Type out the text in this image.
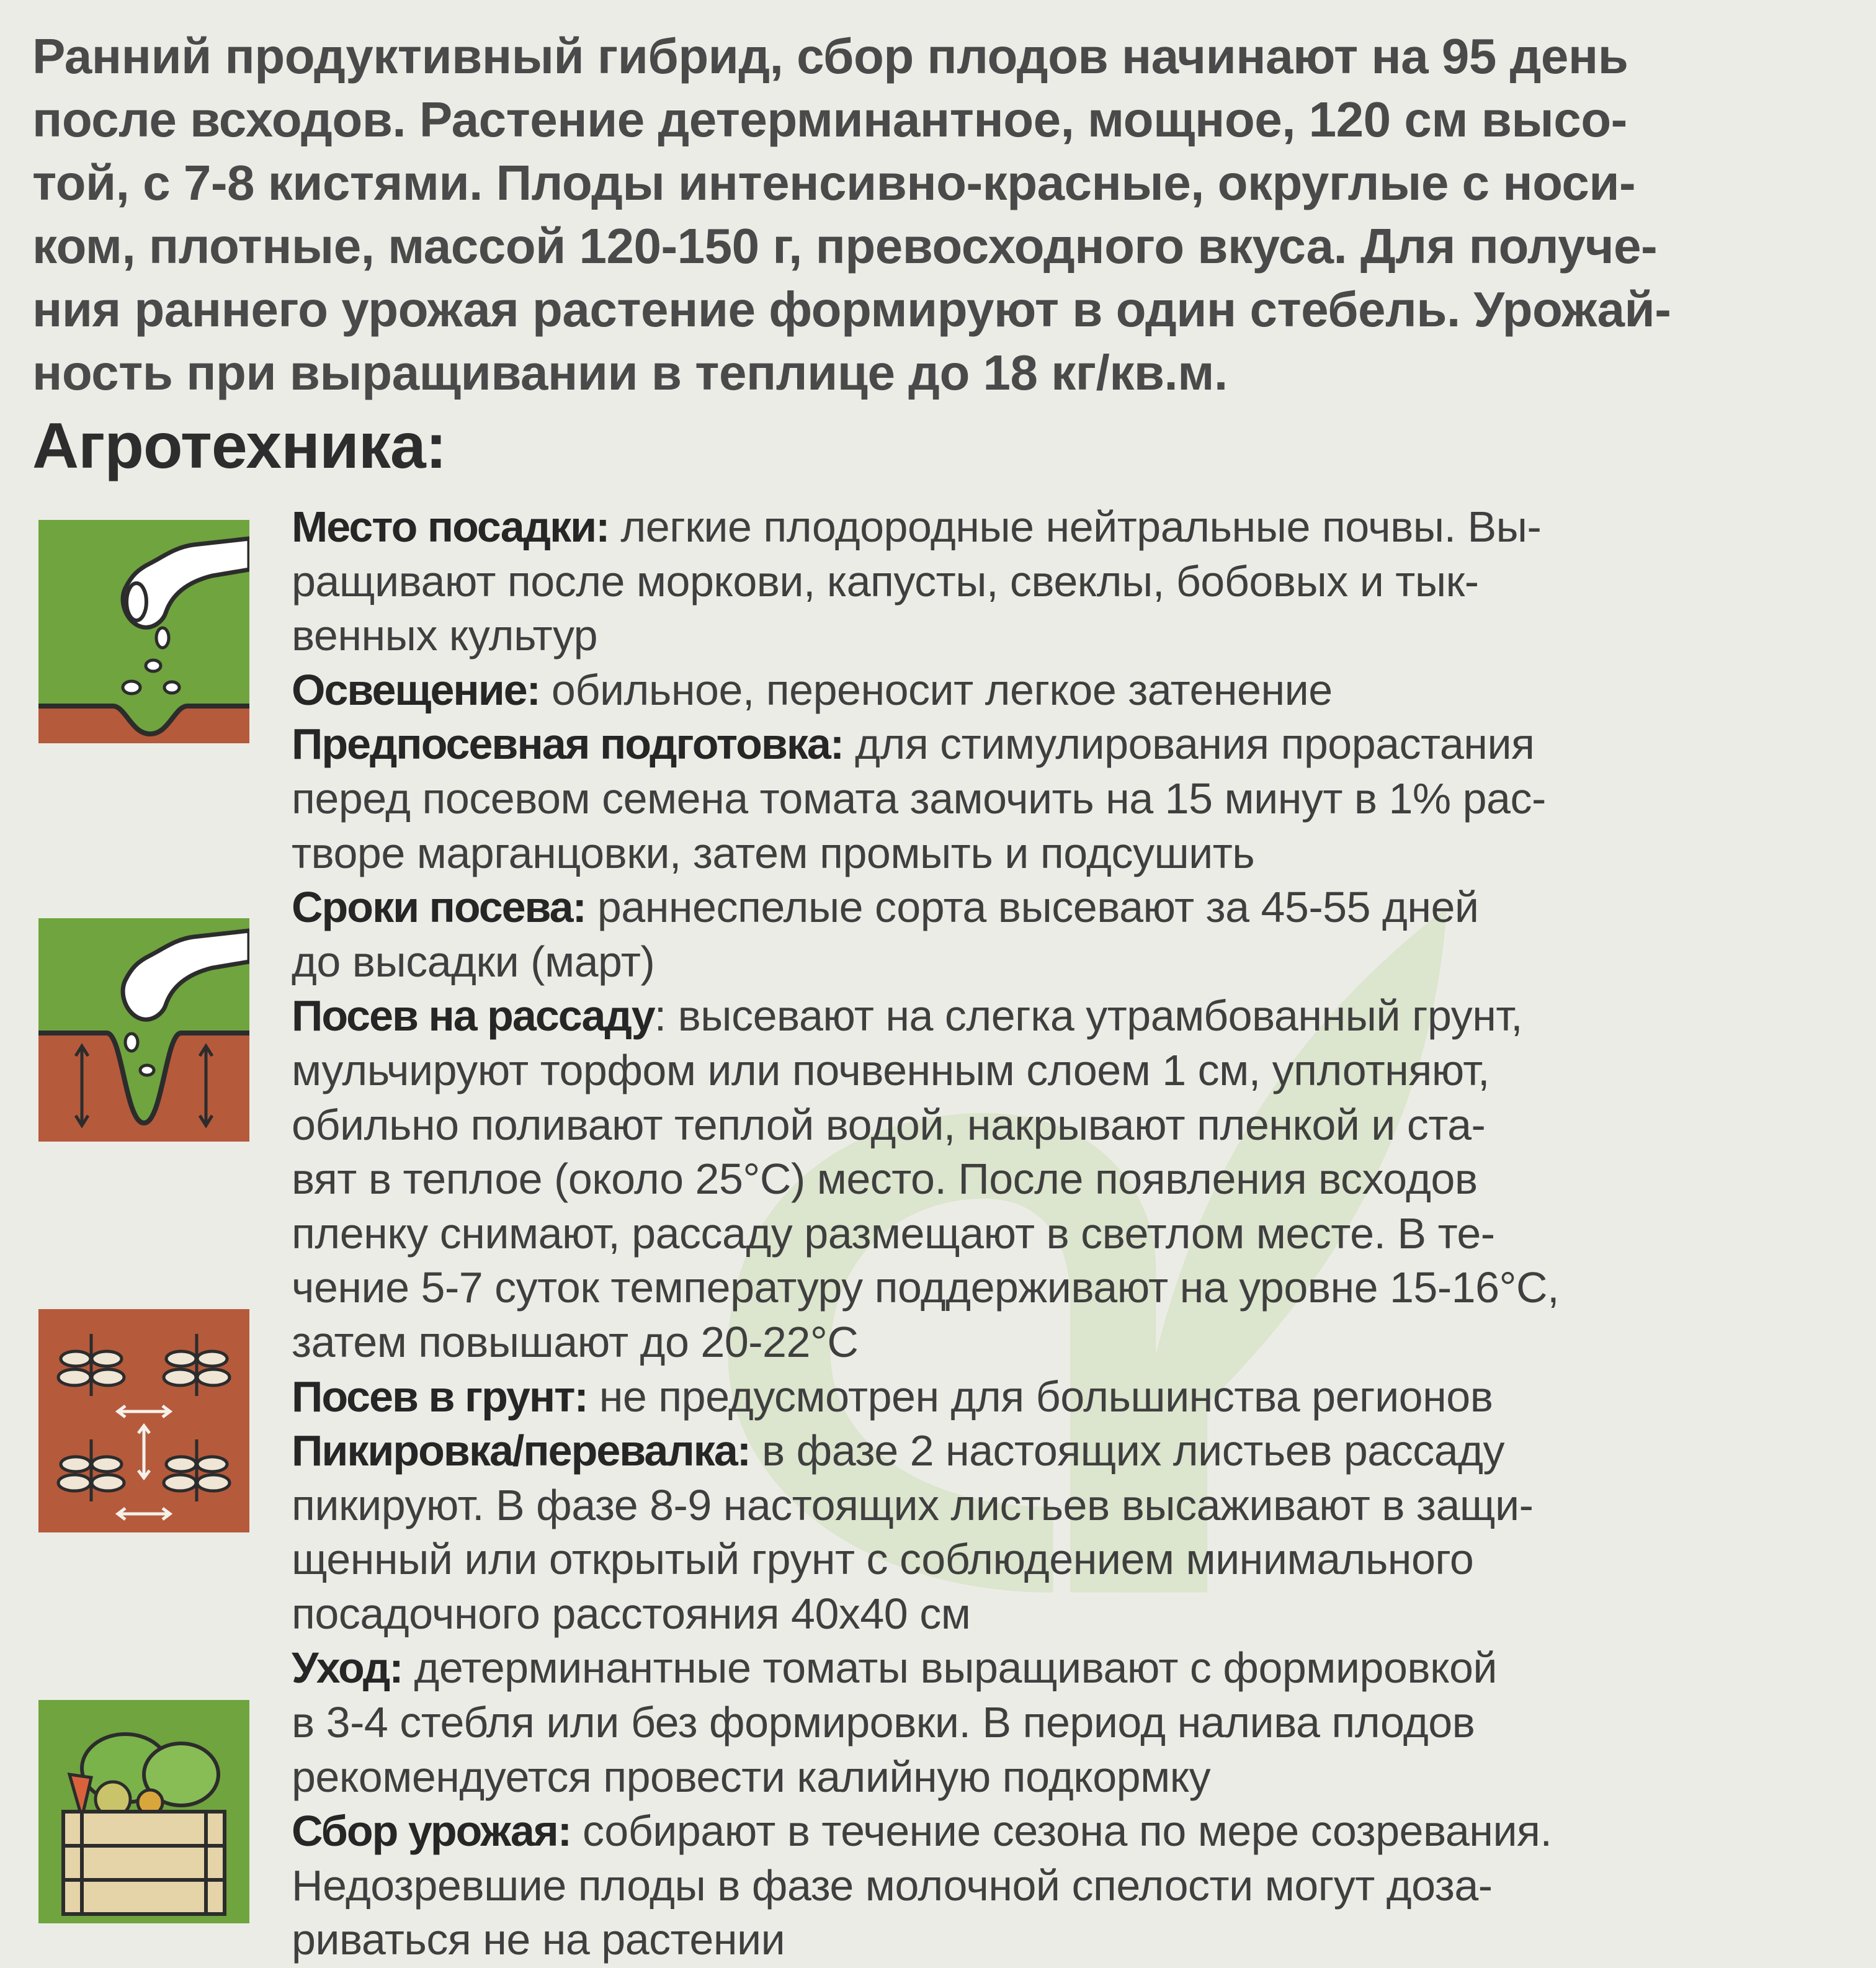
Ранний продуктивный гибрид, сбор плодов начинают на 95 день
после всходов. Растение детерминантное, мощное, 120 см высо-
той, с 7-8 кистями. Плоды интенсивно-красные, округлые с носи-
ком, плотные, массой 120-150 г, превосходного вкуса. Для получе-
ния раннего урожая растение формируют в один стебель. Урожай-
ность при выращивании в теплице до 18 кг/кв.м.
Агротехника:
Место посадки: легкие плодородные нейтральные почвы. Вы-
ращивают после моркови, капусты, свеклы, бобовых и тык-
венных культур
Освещение: обильное, переносит легкое затенение
Предпосевная подготовка: для стимулирования прорастания
перед посевом семена томата замочить на 15 минут в 1% рас-
творе марганцовки, затем промыть и подсушить
Сроки посева: раннеспелые сорта высевают за 45-55 дней
до высадки (март)
Посев на рассаду: высевают на слегка утрамбованный грунт,
мульчируют торфом или почвенным слоем 1 см, уплотняют,
обильно поливают теплой водой, накрывают пленкой и ста-
вят в теплое (около 25°С) место. После появления всходов
пленку снимают, рассаду размещают в светлом месте. В те-
чение 5-7 суток температуру поддерживают на уровне 15-16°С,
затем повышают до 20-22°С
Посев в грунт: не предусмотрен для большинства регионов
Пикировка/перевалка: в фазе 2 настоящих листьев рассаду
пикируют. В фазе 8-9 настоящих листьев высаживают в защи-
щенный или открытый грунт с соблюдением минимального
посадочного расстояния 40х40 см
Уход: детерминантные томаты выращивают с формировкой
в 3-4 стебля или без формировки. В период налива плодов
рекомендуется провести калийную подкормку
Сбор урожая: собирают в течение сезона по мере созревания.
Недозревшие плоды в фазе молочной спелости могут доза-
риваться не на растении
